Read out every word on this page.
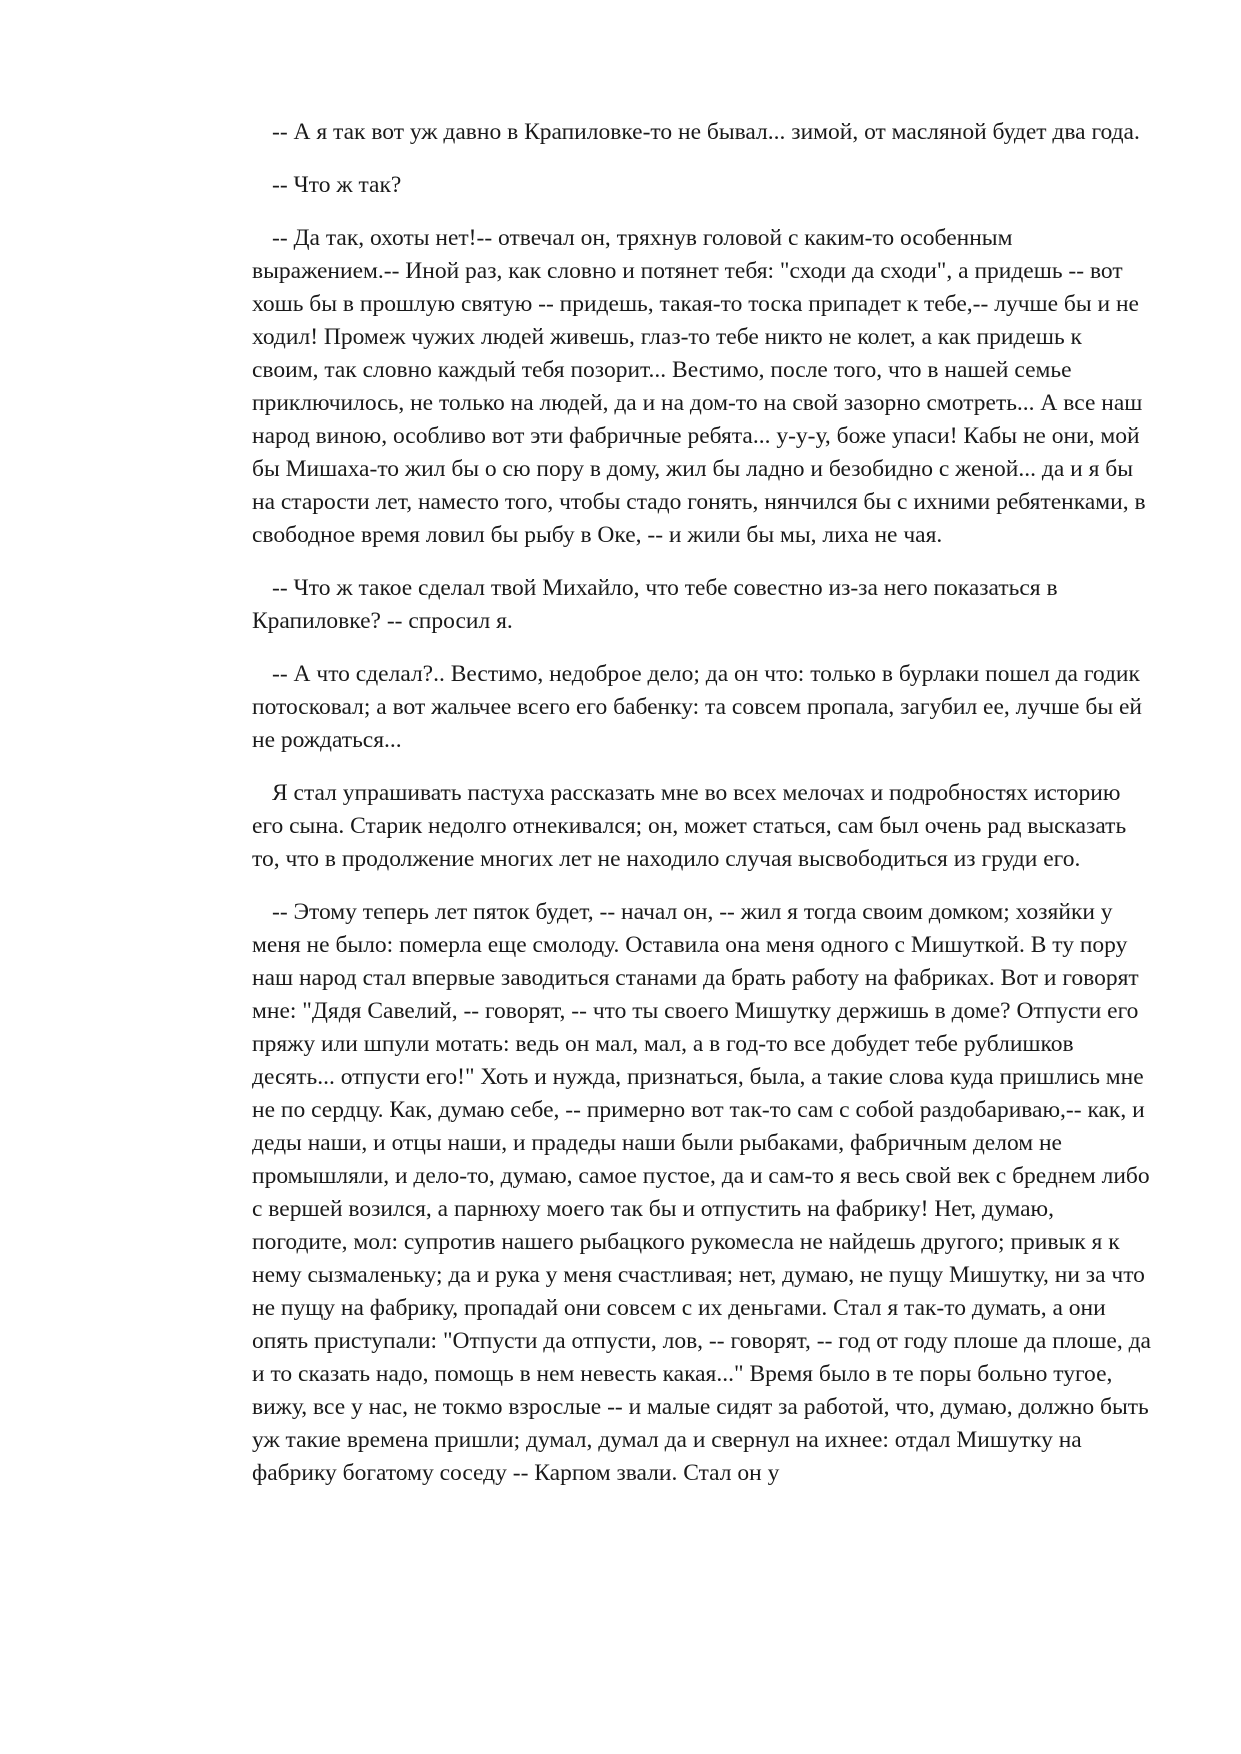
-- А я так вот уж давно в Крапиловке-то не бывал... зимой, от масляной будет два года.

-- Что ж так?

-- Да так, охоты нет!-- отвечал он, тряхнув головой с каким-то особенным выражением.-- Иной раз, как словно и потянет тебя: "сходи да сходи", а придешь -- вот хошь бы в прошлую святую -- придешь, такая-то тоска припадет к тебе,-- лучше бы и не ходил! Промеж чужих людей живешь, глаз-то тебе никто не колет, а как придешь к своим, так словно каждый тебя позорит... Вестимо, после того, что в нашей семье приключилось, не только на людей, да и на дом-то на свой зазорно смотреть... А все наш народ виною, особливо вот эти фабричные ребята... у-у-у, боже упаси! Кабы не они, мой бы Мишаха-то жил бы о сю пору в дому, жил бы ладно и безобидно с женой... да и я бы на старости лет, наместо того, чтобы стадо гонять, нянчился бы с ихними ребятенками, в свободное время ловил бы рыбу в Оке, -- и жили бы мы, лиха не чая.

-- Что ж такое сделал твой Михайло, что тебе совестно из-за него показаться в Крапиловке? -- спросил я.

-- А что сделал?.. Вестимо, недоброе дело; да он что: только в бурлаки пошел да годик потосковал; а вот жальчее всего его бабенку: та совсем пропала, загубил ее, лучше бы ей не рождаться...

Я стал упрашивать пастуха рассказать мне во всех мелочах и подробностях историю его сына. Старик недолго отнекивался; он, может статься, сам был очень рад высказать то, что в продолжение многих лет не находило случая высвободиться из груди его.

-- Этому теперь лет пяток будет, -- начал он, -- жил я тогда своим домком; хозяйки у меня не было: померла еще смолоду. Оставила она меня одного с Мишуткой. В ту пору наш народ стал впервые заводиться станами да брать работу на фабриках. Вот и говорят мне: "Дядя Савелий, -- говорят, -- что ты своего Мишутку держишь в доме? Отпусти его пряжу или шпули мотать: ведь он мал, мал, а в год-то все добудет тебе рублишков десять... отпусти его!" Хоть и нужда, признаться, была, а такие слова куда пришлись мне не по сердцу. Как, думаю себе, -- примерно вот так-то сам с собой раздобариваю,-- как, и деды наши, и отцы наши, и прадеды наши были рыбаками, фабричным делом не промышляли, и дело-то, думаю, самое пустое, да и сам-то я весь свой век с бреднем либо с вершей возился, а парнюху моего так бы и отпустить на фабрику! Нет, думаю, погодите, мол: супротив нашего рыбацкого рукомесла не найдешь другого; привык я к нему сызмаленьку; да и рука у меня счастливая; нет, думаю, не пущу Мишутку, ни за что не пущу на фабрику, пропадай они совсем с их деньгами. Стал я так-то думать, а они опять приступали: "Отпусти да отпусти, лов, -- говорят, -- год от году плоше да плоше, да и то сказать надо, помощь в нем невесть какая..." Время было в те поры больно тугое, вижу, все у нас, не токмо взрослые -- и малые сидят за работой, что, думаю, должно быть уж такие времена пришли; думал, думал да и свернул на ихнее: отдал Мишутку на фабрику богатому соседу -- Карпом звали. Стал он у
